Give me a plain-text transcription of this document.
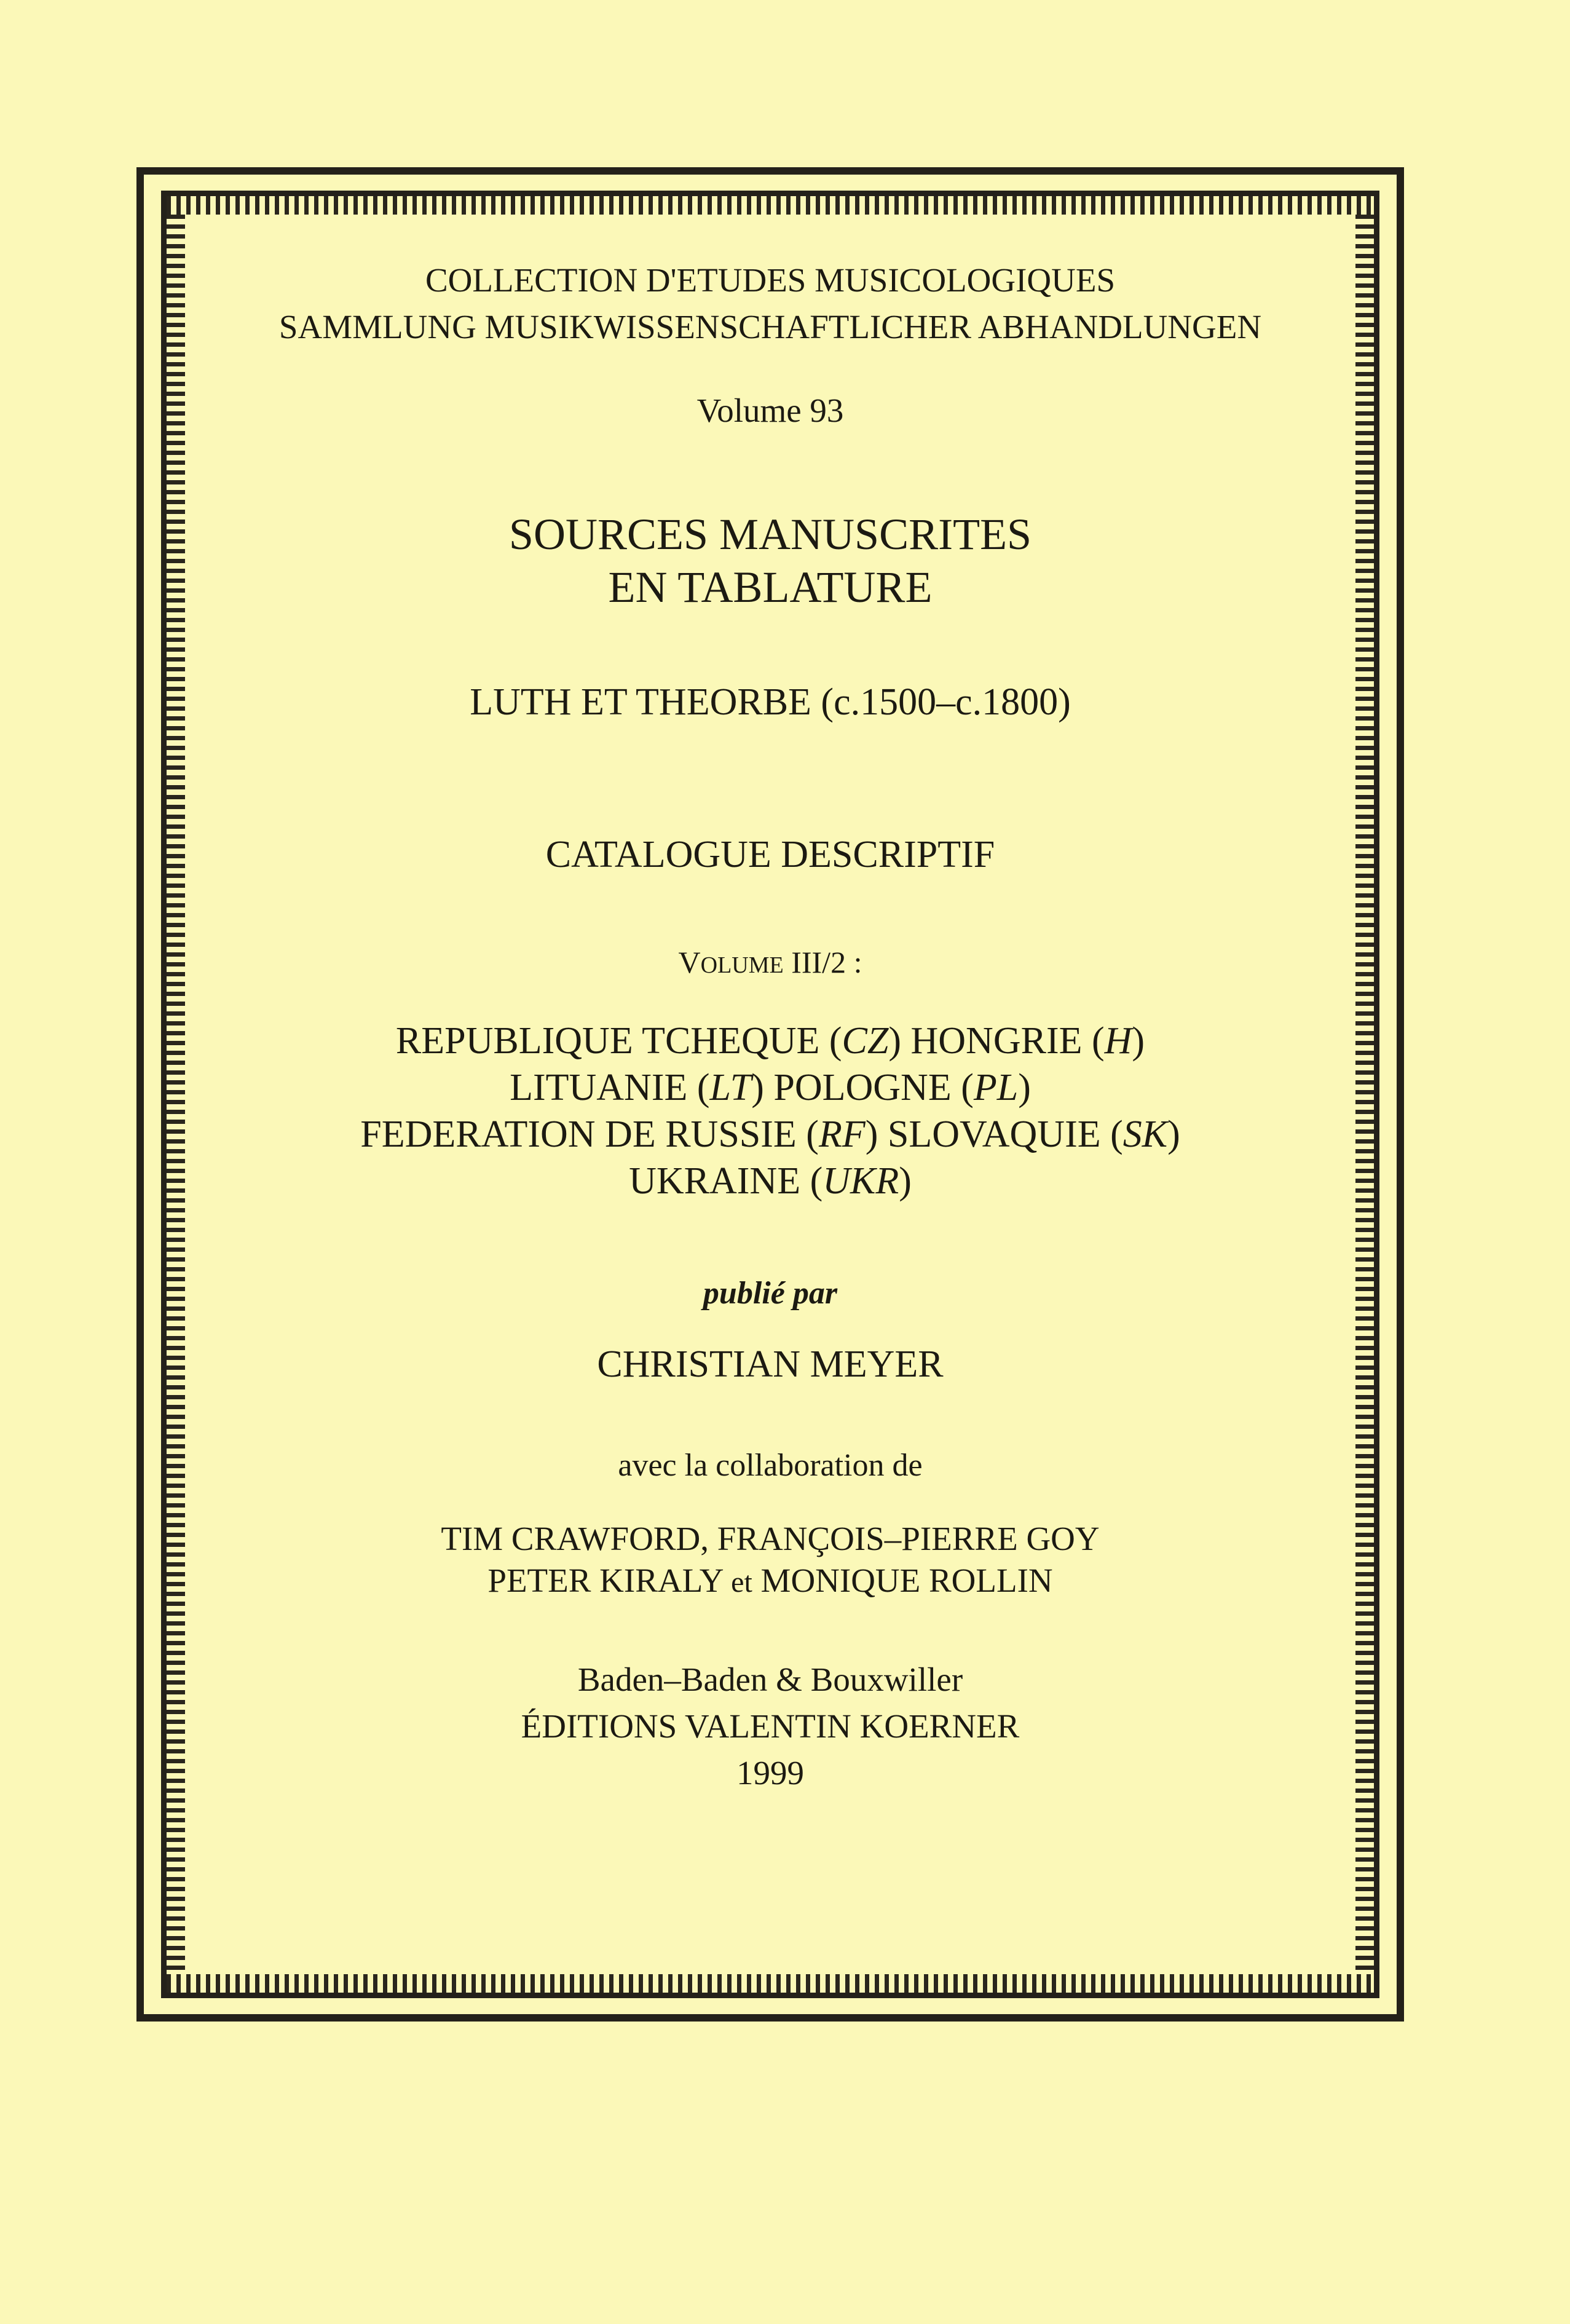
COLLECTION D'ETUDES MUSICOLOGIQUES
SAMMLUNG MUSIKWISSENSCHAFTLICHER ABHANDLUNGEN
Volume 93
SOURCES MANUSCRITES
EN TABLATURE
LUTH ET THEORBE (c.1500–c.1800)
CATALOGUE DESCRIPTIF
VOLUME III/2 :
REPUBLIQUE TCHEQUE (CZ) HONGRIE (H)
LITUANIE (LT) POLOGNE (PL)
FEDERATION DE RUSSIE (RF) SLOVAQUIE (SK)
UKRAINE (UKR)
publié par
CHRISTIAN MEYER
avec la collaboration de
TIM CRAWFORD, FRANÇOIS–PIERRE GOY
PETER KIRALY et MONIQUE ROLLIN
Baden–Baden & Bouxwiller
ÉDITIONS VALENTIN KOERNER
1999
